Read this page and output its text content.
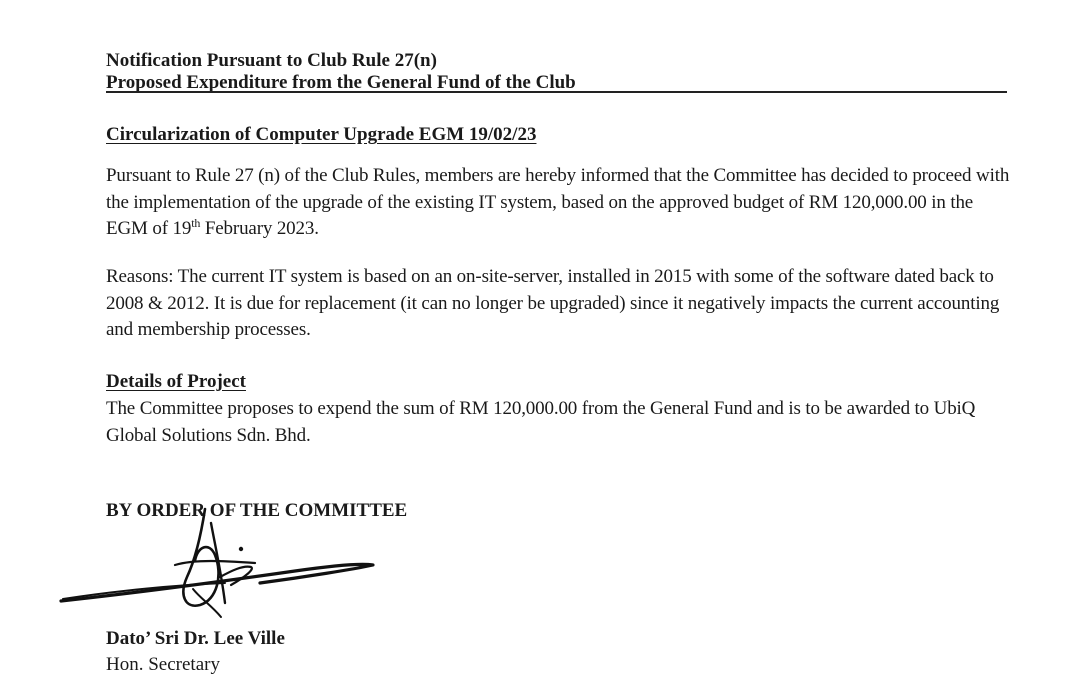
Notification Pursuant to Club Rule 27(n)

Proposed Expenditure from the General Fund of the Club

Circularization of Computer Upgrade EGM 19/02/23

Pursuant to Rule 27 (n) of the Club Rules, members are hereby informed that the Committee has decided to proceed with the implementation of the upgrade of the existing IT system, based on the approved budget of RM 120,000.00 in the EGM of 19th February 2023.

Reasons: The current IT system is based on an on-site-server, installed in 2015 with some of the software dated back to 2008 & 2012. It is due for replacement (it can no longer be upgraded) since it negatively impacts the current accounting and membership processes.

Details of Project

The Committee proposes to expend the sum of RM 120,000.00 from the General Fund and is to be awarded to UbiQ Global Solutions Sdn. Bhd.

BY ORDER OF THE COMMITTEE

Dato’ Sri Dr. Lee Ville

Hon. Secretary
